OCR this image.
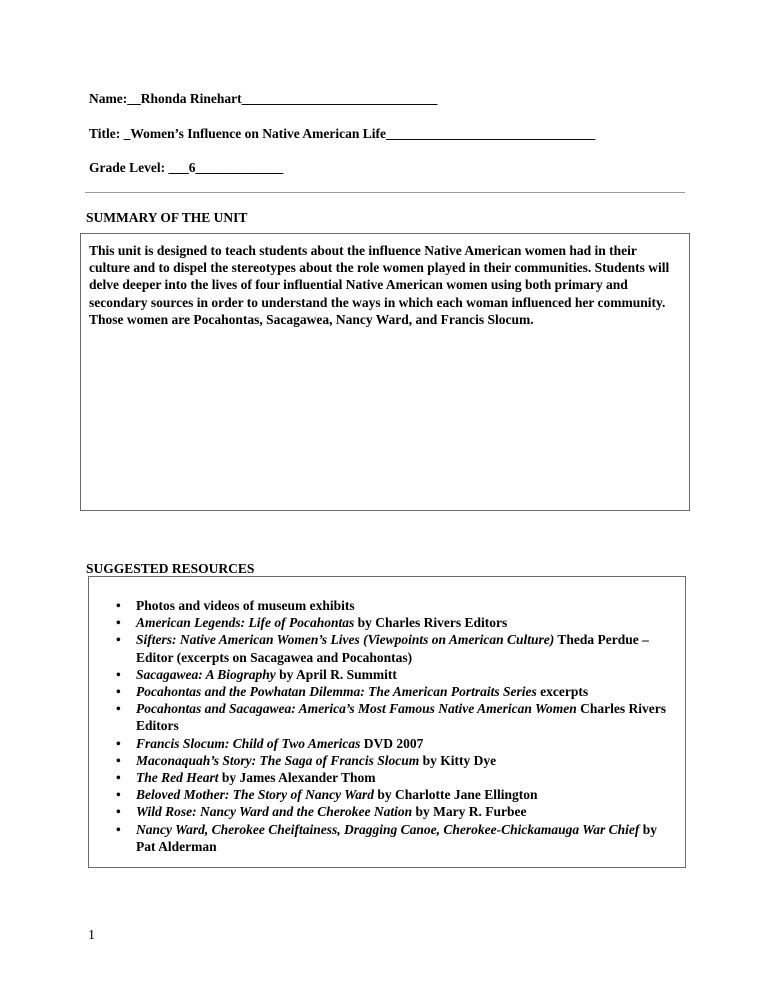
Name:__Rhonda Rinehart_____________________________
Title: _Women’s Influence on Native American Life_______________________________
Grade Level: ___6_____________
SUMMARY OF THE UNIT

This unit is designed to teach students about the influence Native American women had in their culture and to dispel the stereotypes about the role women played in their communities. Students will delve deeper into the lives of four influential Native American women using both primary and secondary sources in order to understand the ways in which each woman influenced her community. Those women are Pocahontas, Sacagawea, Nancy Ward, and Francis Slocum.

SUGGESTED RESOURCES
• Photos and videos of museum exhibits
• American Legends: Life of Pocahontas by Charles Rivers Editors
• Sifters: Native American Women’s Lives (Viewpoints on American Culture) Theda Perdue – Editor (excerpts on Sacagawea and Pocahontas)
• Sacagawea: A Biography by April R. Summitt
• Pocahontas and the Powhatan Dilemma: The American Portraits Series excerpts
• Pocahontas and Sacagawea: America’s Most Famous Native American Women Charles Rivers Editors
• Francis Slocum: Child of Two Americas DVD 2007
• Maconaquah’s Story: The Saga of Francis Slocum by Kitty Dye
• The Red Heart by James Alexander Thom
• Beloved Mother: The Story of Nancy Ward by Charlotte Jane Ellington
• Wild Rose: Nancy Ward and the Cherokee Nation by Mary R. Furbee
• Nancy Ward, Cherokee Cheiftainess, Dragging Canoe, Cherokee-Chickamauga War Chief by Pat Alderman
1
